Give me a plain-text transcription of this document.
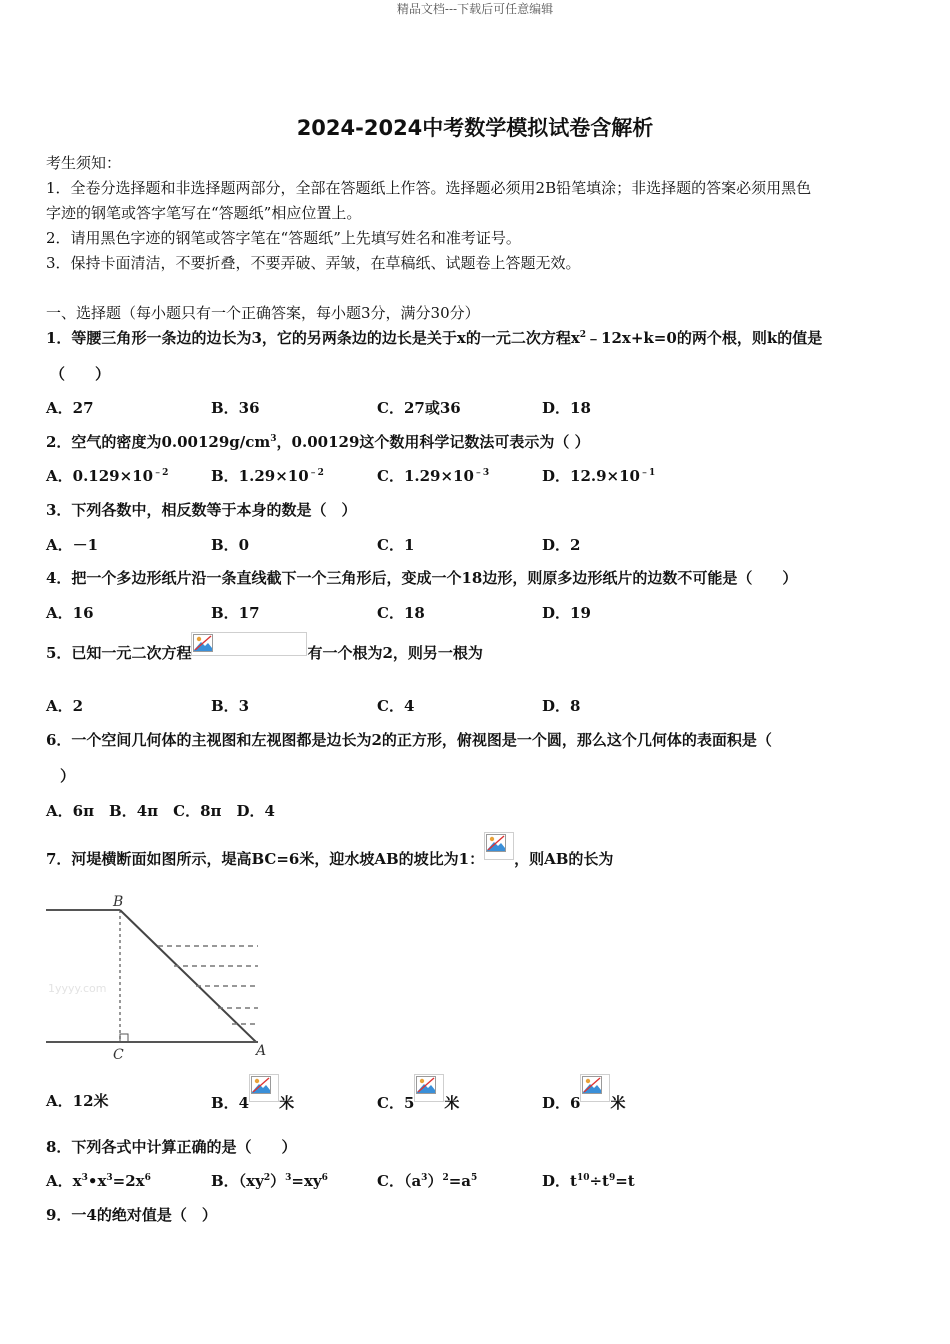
精品文档---下载后可任意编辑
2024-2024中考数学模拟试卷含解析
考生须知：
1．全卷分选择题和非选择题两部分，全部在答题纸上作答。选择题必须用2B铅笔填涂；非选择题的答案必须用黑色
字迹的钢笔或答字笔写在“答题纸”相应位置上。
2．请用黑色字迹的钢笔或答字笔在“答题纸”上先填写姓名和准考证号。
3．保持卡面清洁，不要折叠，不要弄破、弄皱，在草稿纸、试题卷上答题无效。
一、选择题（每小题只有一个正确答案，每小题3分，满分30分）
1．等腰三角形一条边的边长为3，它的另两条边的边长是关于x的一元二次方程$x^2﹣12x+k=0$的两个根，则k的值是
（　　）
A．27	B．36	C．27或36	D．18
2．空气的密度为$0.00129g/cm^3$，0.00129这个数用科学记数法可表示为（ ）
A．$0.129\times 10^{﹣2}$	B．$1.29\times 10^{﹣2}$	C．$1.29\times 10^{﹣3}$	D．$12.9\times 10^{﹣1}$
3．下列各数中，相反数等于本身的数是（　）
A．－1	B．0	C．1	D．2
4．把一个多边形纸片沿一条直线截下一个三角形后，变成一个18边形，则原多边形纸片的边数不可能是（　　）
A．16	B．17	C．18	D．19
5．已知一元二次方程	有一个根为2，则另一根为
A．2	B．3	C．4	D．8
6．一个空间几何体的主视图和左视图都是边长为2的正方形，俯视图是一个圆，那么这个几何体的表面积是（
）
A．6π　B．4π　C．8π　D．4
7．河堤横断面如图所示，堤高BC=6米，迎水坡AB的坡比为1： ，则AB的长为
B
C	A
1yyyy.com
A．12米	B．4 米	C．5 米	D．6 米
8．下列各式中计算正确的是（　　）
A．$x^3•x^3=2x^6$	B．$(xy^2)^3=xy^6$	C．$(a^3)^2=a^5$	D．$t^{10}\div t^9=t$
9．一4的绝对值是（　）
